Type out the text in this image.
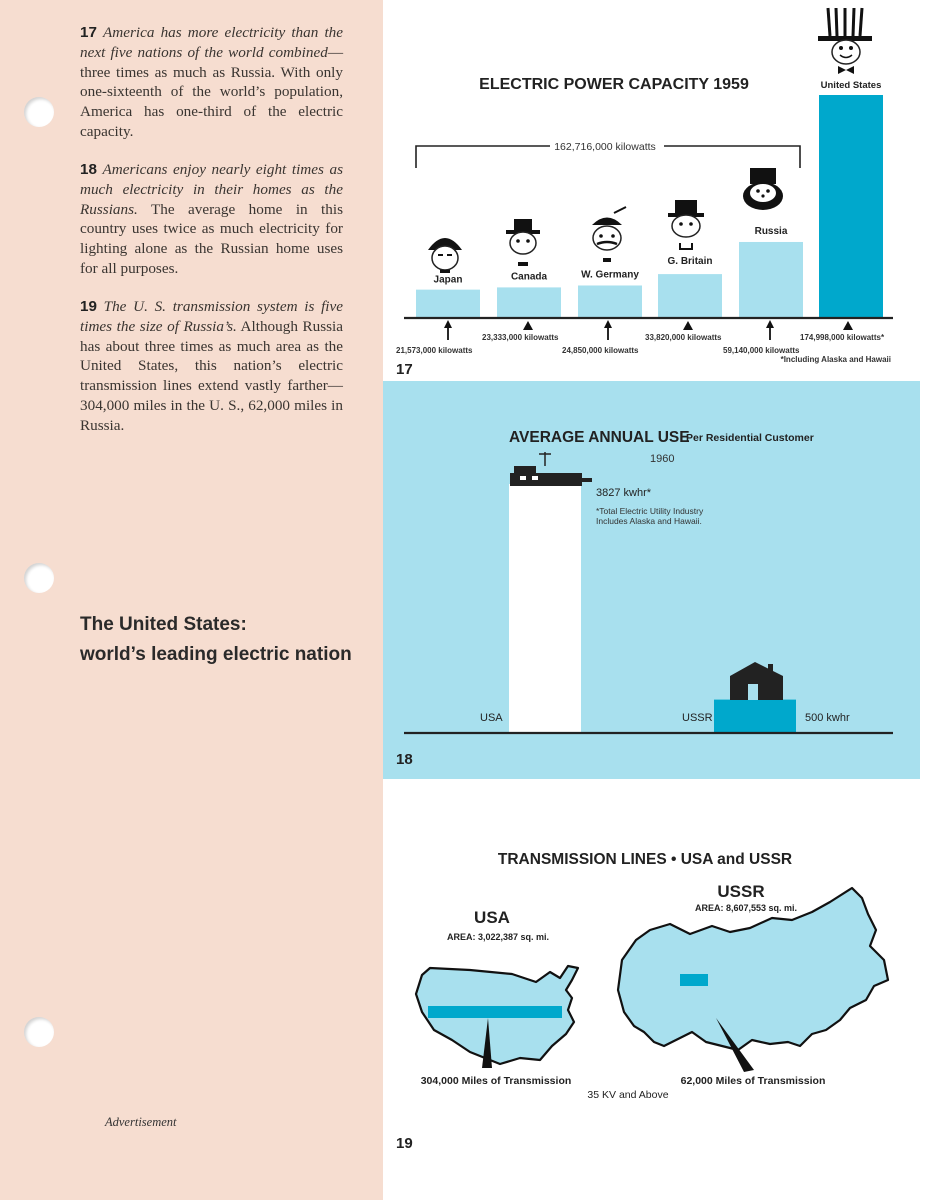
17 America has more electricity than the next five nations of the world combined—three times as much as Russia. With only one-sixteenth of the world’s population, America has one-third of the electric capacity.
18 Americans enjoy nearly eight times as much electricity in their homes as the Russians. The average home in this country uses twice as much electricity for lighting alone as the Russian home uses for all purposes.
19 The U. S. transmission system is five times the size of Russia’s. Although Russia has about three times as much area as the United States, this nation’s electric transmission lines extend vastly farther—304,000 miles in the U. S., 62,000 miles in Russia.
The United States:
world’s leading electric nation
Advertisement
ELECTRIC POWER CAPACITY 1959
162,716,000 kilowatts
Japan	Canada	W. Germany
G. Britain
Russia
United States
21,573,000 kilowatts
23,333,000 kilowatts
24,850,000 kilowatts
33,820,000 kilowatts
59,140,000 kilowatts
174,998,000 kilowatts*
*Including Alaska and Hawaii
17
AVERAGE ANNUAL USE
Per Residential Customer
1960
3827 kwhr*
*Total Electric Utility Industry
Includes Alaska and Hawaii.
USA	USSR	500 kwhr
18
TRANSMISSION LINES • USA and USSR
USA
AREA: 3,022,387 sq. mi.
USSR
AREA: 8,607,553 sq. mi.
304,000 Miles of Transmission	62,000 Miles of Transmission
35 KV and Above
19
